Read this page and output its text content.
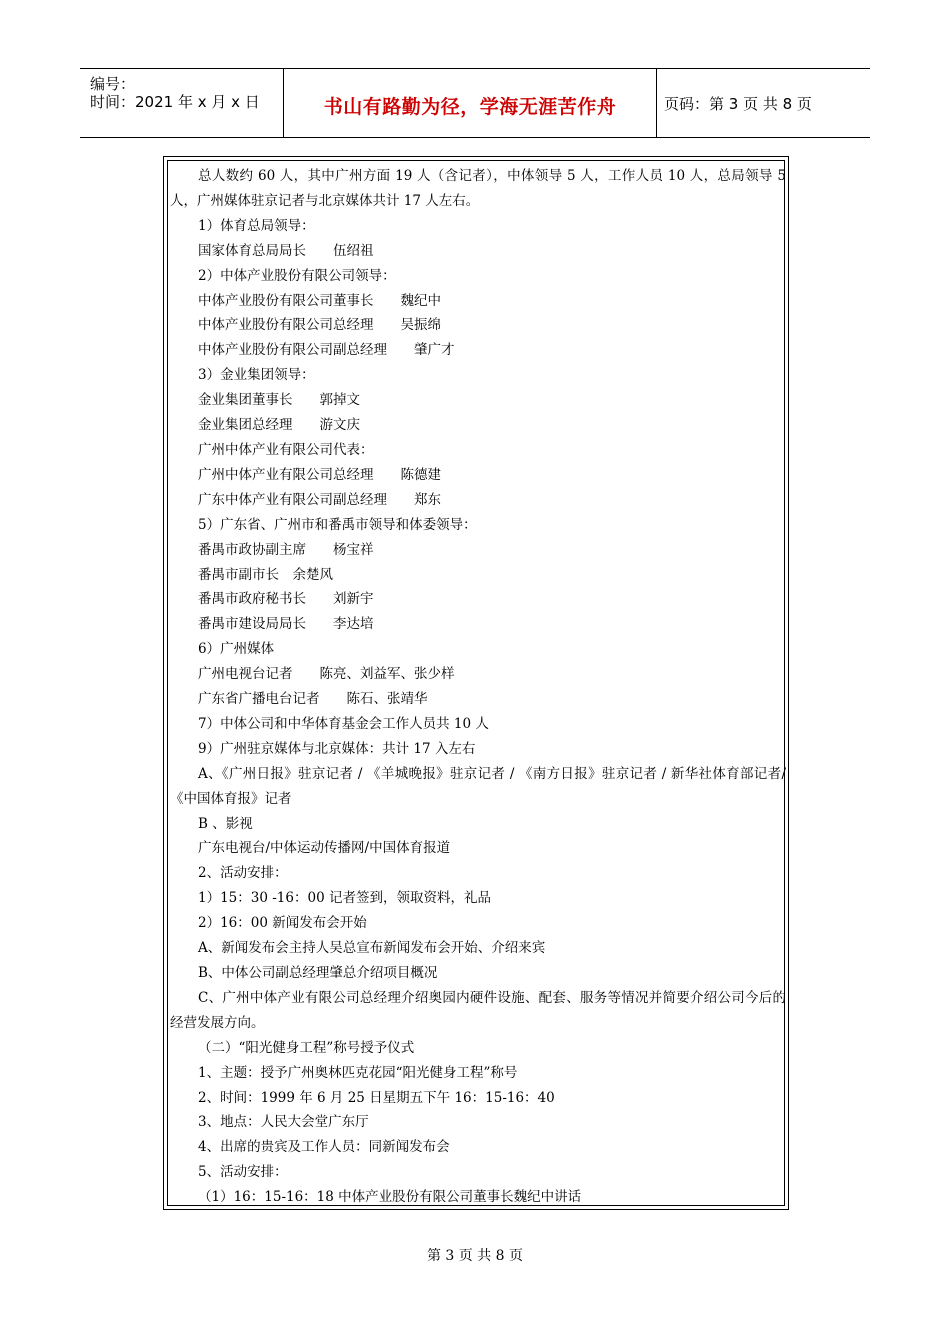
编号：
时间：2021 年 x 月 x 日	书山有路勤为径，学海无涯苦作舟	页码：第 3 页 共 8 页
总人数约 60 人，其中广州方面 19 人（含记者），中体领导 5 人，工作人员 10 人，总局领导 5 人，广州媒体驻京记者与北京媒体共计 17 人左右。
1）体育总局领导：
国家体育总局局长　　伍绍祖
2）中体产业股份有限公司领导：
中体产业股份有限公司董事长　　魏纪中
中体产业股份有限公司总经理　　吴振绵
中体产业股份有限公司副总经理　　肇广才
3）金业集团领导：
金业集团董事长　　郭掉文
金业集团总经理　　游文庆
广州中体产业有限公司代表：
广州中体产业有限公司总经理　　陈德建
广东中体产业有限公司副总经理　　郑东
5）广东省、广州市和番禹市领导和体委领导：
番禺市政协副主席　　杨宝祥
番禺市副市长　余楚风
番禺市政府秘书长　　刘新宇
番禺市建设局局长　　李达培
6）广州媒体
广州电视台记者　　陈亮、刘益军、张少样
广东省广播电台记者　　陈石、张靖华
7）中体公司和中华体育基金会工作人员共 10 人
9）广州驻京媒体与北京媒体：共计 17 入左右
A、《广州日报》驻京记者 / 《羊城晚报》驻京记者 / 《南方日报》驻京记者 / 新华社体育部记者/《中国体育报》记者
B 、影视
广东电视台/中体运动传播网/中国体育报道
2、活动安排：
1）15：30 -16：00 记者签到，领取资料，礼品
2）16：00 新闻发布会开始
A、新闻发布会主持人吴总宣布新闻发布会开始、介绍来宾
B、中体公司副总经理肇总介绍项目概况
C、广州中体产业有限公司总经理介绍奥园内硬件设施、配套、服务等情况并简要介绍公司今后的经营发展方向。
（二）“阳光健身工程”称号授予仪式
1、主题：授予广州奥林匹克花园“阳光健身工程”称号
2、时间：1999 年 6 月 25 日星期五下午 16：15-16：40
3、地点：人民大会堂广东厅
4、出席的贵宾及工作人员：同新闻发布会
5、活动安排：
（1）16：15-16：18 中体产业股份有限公司董事长魏纪中讲话
第 3 页 共 8 页
